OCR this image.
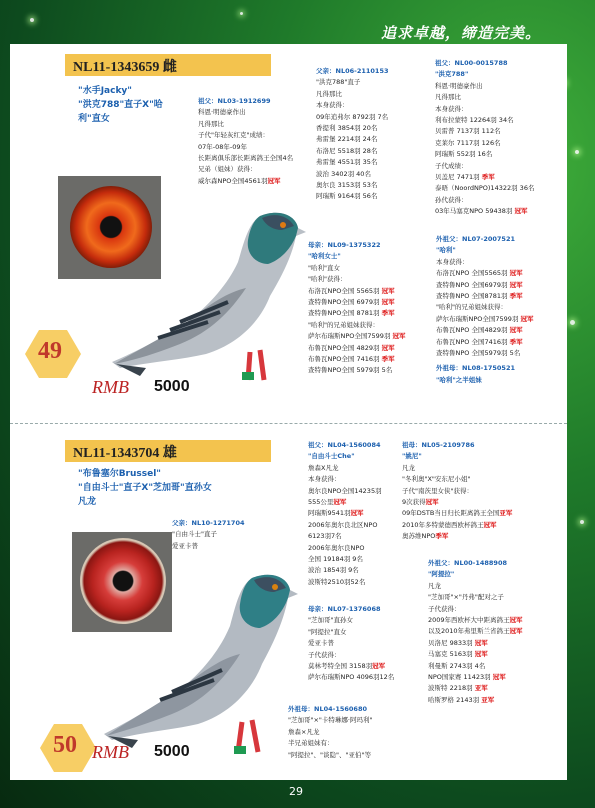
追求卓越，缔造完美。
NL11-1343659 雌
"水手Jacky"
"洪克788"直子X"哈
利"直女
祖父：NL03-1912699
科恩·明德豪作出
凡得那比
子代"年轻灰红克"成绩：
07年-08年-09年
长距离俱乐部长距离鸽王全国4名
兄弟（姐妹）获得：
威尔森NPO全国4561羽冠军
父亲：NL06-2110153
"洪克788"直子
凡得那比
本身获得：
09年追弗尔 8792羽 7名
香提利 3854羽 20名
弗雷堡 2214羽 24名
布洛尼 5518羽 28名
弗雷堡 4551羽 35名
波治 3402羽 40名
奥尔良 3153羽 53名
阿瑞斯 9164羽 56名
祖父：NL00-0015788
"洪克788"
科恩·明德豪作出
凡得那比
本身获得：
利布拉蒙特 12264羽 34名
贝雷普 7137羽 112名
克莱尔 7117羽 126名
阿瑞斯 552羽 16名
子代成绩：
贝盖尼 7471羽 季军
泰晤（NoordNPO)14322羽 36名
孙代获得：
03年马塞克NPO 59438羽 冠军
母亲：NL09-1375322
"哈利女士"
"哈利"直女
"哈利"获得：
布洛瓦NPO全国 5565羽 冠军
查特鲁NPO全国 6979羽 冠军
查特鲁NPO全国 8781羽 季军
"哈利"的兄弟姐妹获得：
萨尔布瑞斯NPO全国7599羽 冠军
布鲁瓦NPO全国 4829羽 冠军
布鲁瓦NPO全国 7416羽 季军
查特鲁NPO全国 5979羽 5名
外祖父：NL07-2007521
"哈利"
本身获得：
布洛瓦NPO 全国5565羽 冠军
查特鲁NPO 全国6979羽 冠军
查特鲁NPO 全国8781羽 季军
"哈利"的兄弟姐妹获得：
萨尔布瑞斯NPO全国7599羽 冠军
布鲁瓦NPO 全国4829羽 冠军
布鲁瓦NPO 全国7416羽 季军
查特鲁NPO 全国5979羽 5名
外祖母：NL08-1750521
"哈利"之半姐妹
49
RMB 5000
NL11-1343704 雄
"布鲁塞尔Brussel"
"自由斗士"直子X"芝加哥"直孙女
凡龙
父亲：NL10-1271704
"自由斗士"直子
爱亚卡普
祖父：NL04-1560084
"自由斗士Che"
詹森X凡龙
本身获得：
奥尔良NPO全国14235羽
555公里冠军
阿瑞斯9541羽冠军
2006年奥尔良北区NPO
6123羽7名
2006年奥尔良NPO
全国 19184羽 9名
波治 1854羽 9名
波斯特2510羽52名
祖母：NL05-2109786
"姚尼"
凡龙
"冬利奥"X"安东尼小姐"
子代"南茨里女侠"获得：
9次获得冠军
09年DSTB当日归长距离鸽王全国亚军
2010年多特蒙德西欧杯鸽王冠军
奥苏维NPO季军
母亲：NL07-1376068
"芝加哥"直孙女
"阿提拉"直女
爱亚卡普
子代获得：
莫林考特全国 3158羽冠军
萨尔布瑞斯NPO 4096羽12名
外祖父：NL00-1488908
"阿提拉"
凡龙
"芝加哥"×"丹弗"配对之子
子代获得：
2009年西欧杯大中距离鸽王冠军
以及2010年弗里斯兰省鸽王冠军
贝洛尼 9833羽 冠军
马塞克 5163羽 冠军
利曼斯 2743羽 4名
NPO国家赛 11423羽 冠军
波斯特 2218羽 亚军
哈斯罗格 2143羽 亚军
外祖母：NL04-1560680
"芝加哥"×"卡特琳娜·阿玛利"
詹森×凡龙
半兄弟姐妹有：
"阿提拉"、"谈隐"、"亚伯"等
50 RMB 5000
29
